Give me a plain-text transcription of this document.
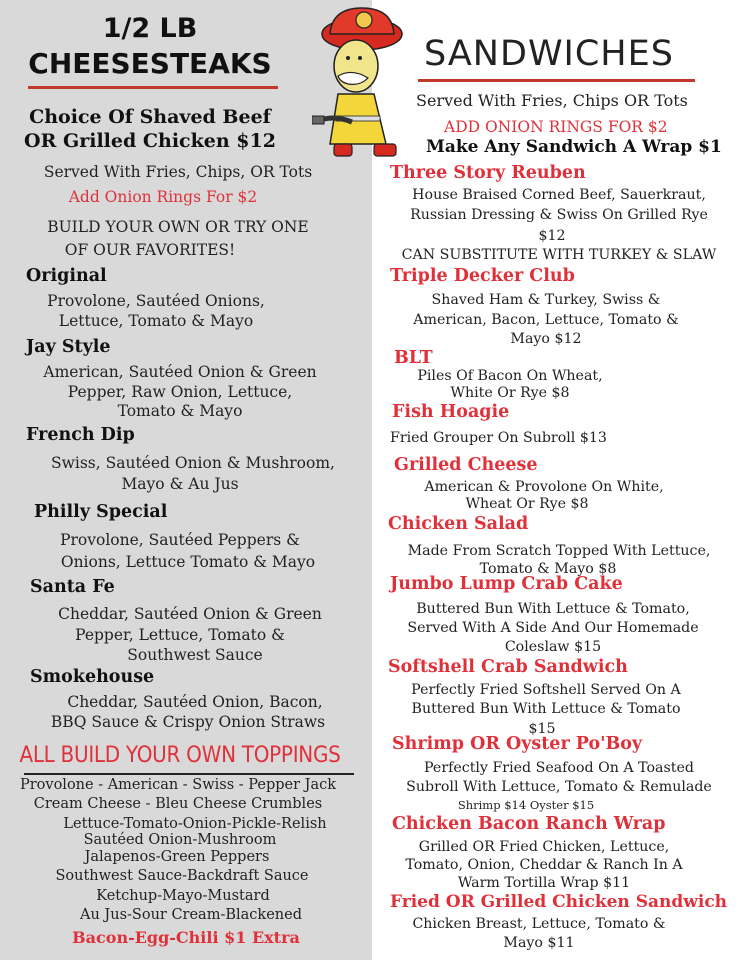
1/2 LB
CHEESESTEAKS
Choice Of Shaved Beef
OR Grilled Chicken $12
Served With Fries, Chips, OR Tots
Add Onion Rings For $2
BUILD YOUR OWN OR TRY ONE
OF OUR FAVORITES!
Original
Provolone, Sautéed Onions,
Lettuce, Tomato & Mayo
Jay Style
American, Sautéed Onion & Green
Pepper, Raw Onion, Lettuce,
Tomato & Mayo
French Dip
Swiss, Sautéed Onion & Mushroom,
Mayo & Au Jus
Philly Special
Provolone, Sautéed Peppers &
Onions, Lettuce Tomato & Mayo
Santa Fe
Cheddar, Sautéed Onion & Green
Pepper, Lettuce, Tomato &
Southwest Sauce
Smokehouse
Cheddar, Sautéed Onion, Bacon,
BBQ Sauce & Crispy Onion Straws
ALL BUILD YOUR OWN TOPPINGS
Provolone - American - Swiss - Pepper Jack
Cream Cheese - Bleu Cheese Crumbles
Lettuce-Tomato-Onion-Pickle-Relish
Sautéed Onion-Mushroom
Jalapenos-Green Peppers
Southwest Sauce-Backdraft Sauce
Ketchup-Mayo-Mustard
Au Jus-Sour Cream-Blackened
Bacon-Egg-Chili $1 Extra
SANDWICHES
Served With Fries, Chips OR Tots
ADD ONION RINGS FOR $2
Make Any Sandwich A Wrap $1
Three Story Reuben
House Braised Corned Beef, Sauerkraut,
Russian Dressing & Swiss On Grilled Rye
$12
CAN SUBSTITUTE WITH TURKEY & SLAW
Triple Decker Club
Shaved Ham & Turkey, Swiss &
American, Bacon, Lettuce, Tomato &
Mayo $12
BLT
Piles Of Bacon On Wheat,
White Or Rye $8
Fish Hoagie
Fried Grouper On Subroll $13
Grilled Cheese
American & Provolone On White,
Wheat Or Rye $8
Chicken Salad
Made From Scratch Topped With Lettuce,
Tomato & Mayo $8
Jumbo Lump Crab Cake
Buttered Bun With Lettuce & Tomato,
Served With A Side And Our Homemade
Coleslaw $15
Softshell Crab Sandwich
Perfectly Fried Softshell Served On A
Buttered Bun With Lettuce & Tomato
$15
Shrimp OR Oyster Po'Boy
Perfectly Fried Seafood On A Toasted
Subroll With Lettuce, Tomato & Remulade
Shrimp $14 Oyster $15
Chicken Bacon Ranch Wrap
Grilled OR Fried Chicken, Lettuce,
Tomato, Onion, Cheddar & Ranch In A
Warm Tortilla Wrap $11
Fried OR Grilled Chicken Sandwich
Chicken Breast, Lettuce, Tomato &
Mayo $11
